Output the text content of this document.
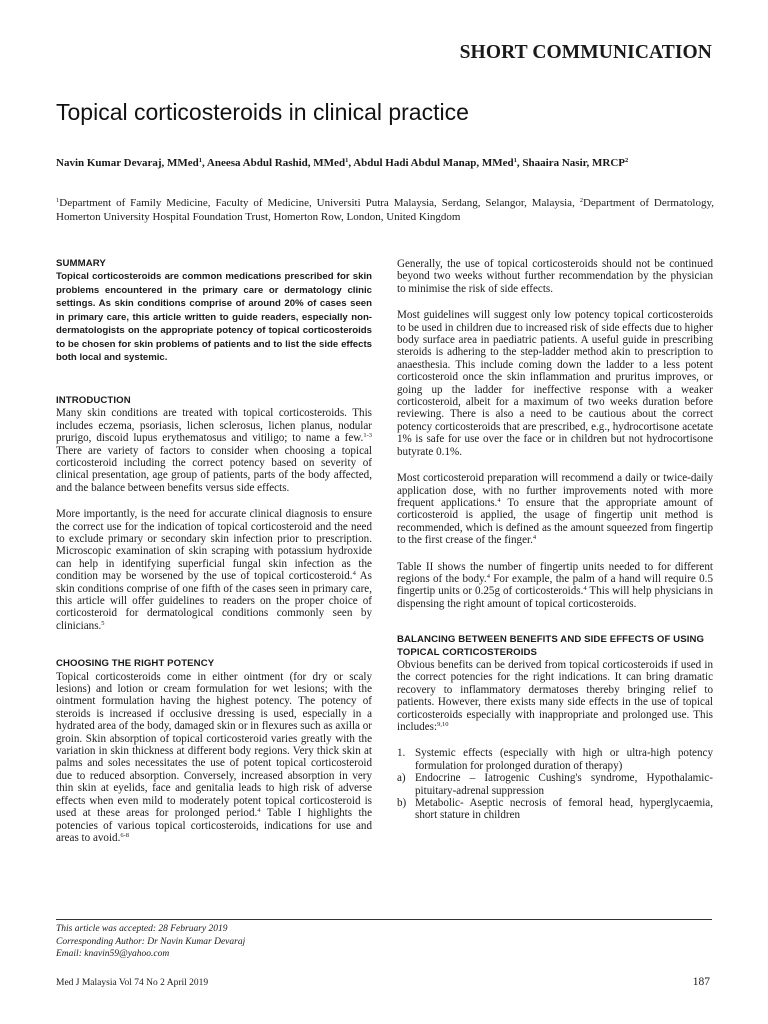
SHORT COMMUNICATION
Topical corticosteroids in clinical practice
Navin Kumar Devaraj, MMed$^1$, Aneesa Abdul Rashid, MMed$^1$, Abdul Hadi Abdul Manap, MMed$^1$, Shaaira Nasir, MRCP$^2$
$^1$Department of Family Medicine, Faculty of Medicine, Universiti Putra Malaysia, Serdang, Selangor, Malaysia, $^2$Department of Dermatology, Homerton University Hospital Foundation Trust, Homerton Row, London, United Kingdom
SUMMARY

Topical corticosteroids are common medications prescribed for skin problems encountered in the primary care or dermatology clinic settings. As skin conditions comprise of around 20% of cases seen in primary care, this article written to guide readers, especially non-dermatologists on the appropriate potency of topical corticosteroids to be chosen for skin problems of patients and to list the side effects both local and systemic.

INTRODUCTION

Many skin conditions are treated with topical corticosteroids. This includes eczema, psoriasis, lichen sclerosus, lichen planus, nodular prurigo, discoid lupus erythematosus and vitiligo; to name a few.$^{1-3}$ There are variety of factors to consider when choosing a topical corticosteroid including the correct potency based on severity of clinical presentation, age group of patients, parts of the body affected, and the balance between benefits versus side effects.

More importantly, is the need for accurate clinical diagnosis to ensure the correct use for the indication of topical corticosteroid and the need to exclude primary or secondary skin infection prior to prescription. Microscopic examination of skin scraping with potassium hydroxide can help in identifying superficial fungal skin infection as the condition may be worsened by the use of topical corticosteroid.$^4$ As skin conditions comprise of one fifth of the cases seen in primary care, this article will offer guidelines to readers on the proper choice of corticosteroid for dermatological conditions commonly seen by clinicians.$^5$

CHOOSING THE RIGHT POTENCY

Topical corticosteroids come in either ointment (for dry or scaly lesions) and lotion or cream formulation for wet lesions; with the ointment formulation having the highest potency. The potency of steroids is increased if occlusive dressing is used, especially in a hydrated area of the body, damaged skin or in flexures such as axilla or groin. Skin absorption of topical corticosteroid varies greatly with the variation in skin thickness at different body regions. Very thick skin at palms and soles necessitates the use of potent topical corticosteroid due to reduced absorption. Conversely, increased absorption in very thin skin at eyelids, face and genitalia leads to high risk of adverse effects when even mild to moderately potent topical corticosteroid is used at these areas for prolonged period.$^4$ Table I highlights the potencies of various topical corticosteroids, indications for use and areas to avoid.$^{6-8}$

Generally, the use of topical corticosteroids should not be continued beyond two weeks without further recommendation by the physician to minimise the risk of side effects.

Most guidelines will suggest only low potency topical corticosteroids to be used in children due to increased risk of side effects due to higher body surface area in paediatric patients. A useful guide in prescribing steroids is adhering to the step-ladder method akin to prescription to anaesthesia. This include coming down the ladder to a less potent corticosteroid once the skin inflammation and pruritus improves, or going up the ladder for ineffective response with a weaker corticosteroid, albeit for a maximum of two weeks duration before reviewing. There is also a need to be cautious about the correct potency corticosteroids that are prescribed, e.g., hydrocortisone acetate 1% is safe for use over the face or in children but not hydrocortisone butyrate 0.1%.

Most corticosteroid preparation will recommend a daily or twice-daily application dose, with no further improvements noted with more frequent applications.$^4$ To ensure that the appropriate amount of corticosteroid is applied, the usage of fingertip unit method is recommended, which is defined as the amount squeezed from fingertip to the first crease of the finger.$^4$

Table II shows the number of fingertip units needed to for different regions of the body.$^4$ For example, the palm of a hand will require 0.5 fingertip units or 0.25g of corticosteroids.$^4$ This will help physicians in dispensing the right amount of topical corticosteroids.

BALANCING BETWEEN BENEFITS AND SIDE EFFECTS OF USING TOPICAL CORTICOSTEROIDS

Obvious benefits can be derived from topical corticosteroids if used in the correct potencies for the right indications. It can bring dramatic recovery to inflammatory dermatoses thereby bringing relief to patients. However, there exists many side effects in the use of topical corticosteroids especially with inappropriate and prolonged use. This includes:$^{9,10}$

1. Systemic effects (especially with high or ultra-high potency formulation for prolonged duration of therapy)
a) Endocrine – Iatrogenic Cushing's syndrome, Hypothalamic-pituitary-adrenal suppression
b) Metabolic- Aseptic necrosis of femoral head, hyperglycaemia, short stature in children
This article was accepted: 28 February 2019
Corresponding Author: Dr Navin Kumar Devaraj
Email: knavin59@yahoo.com
Med J Malaysia Vol 74 No 2 April 2019	187
